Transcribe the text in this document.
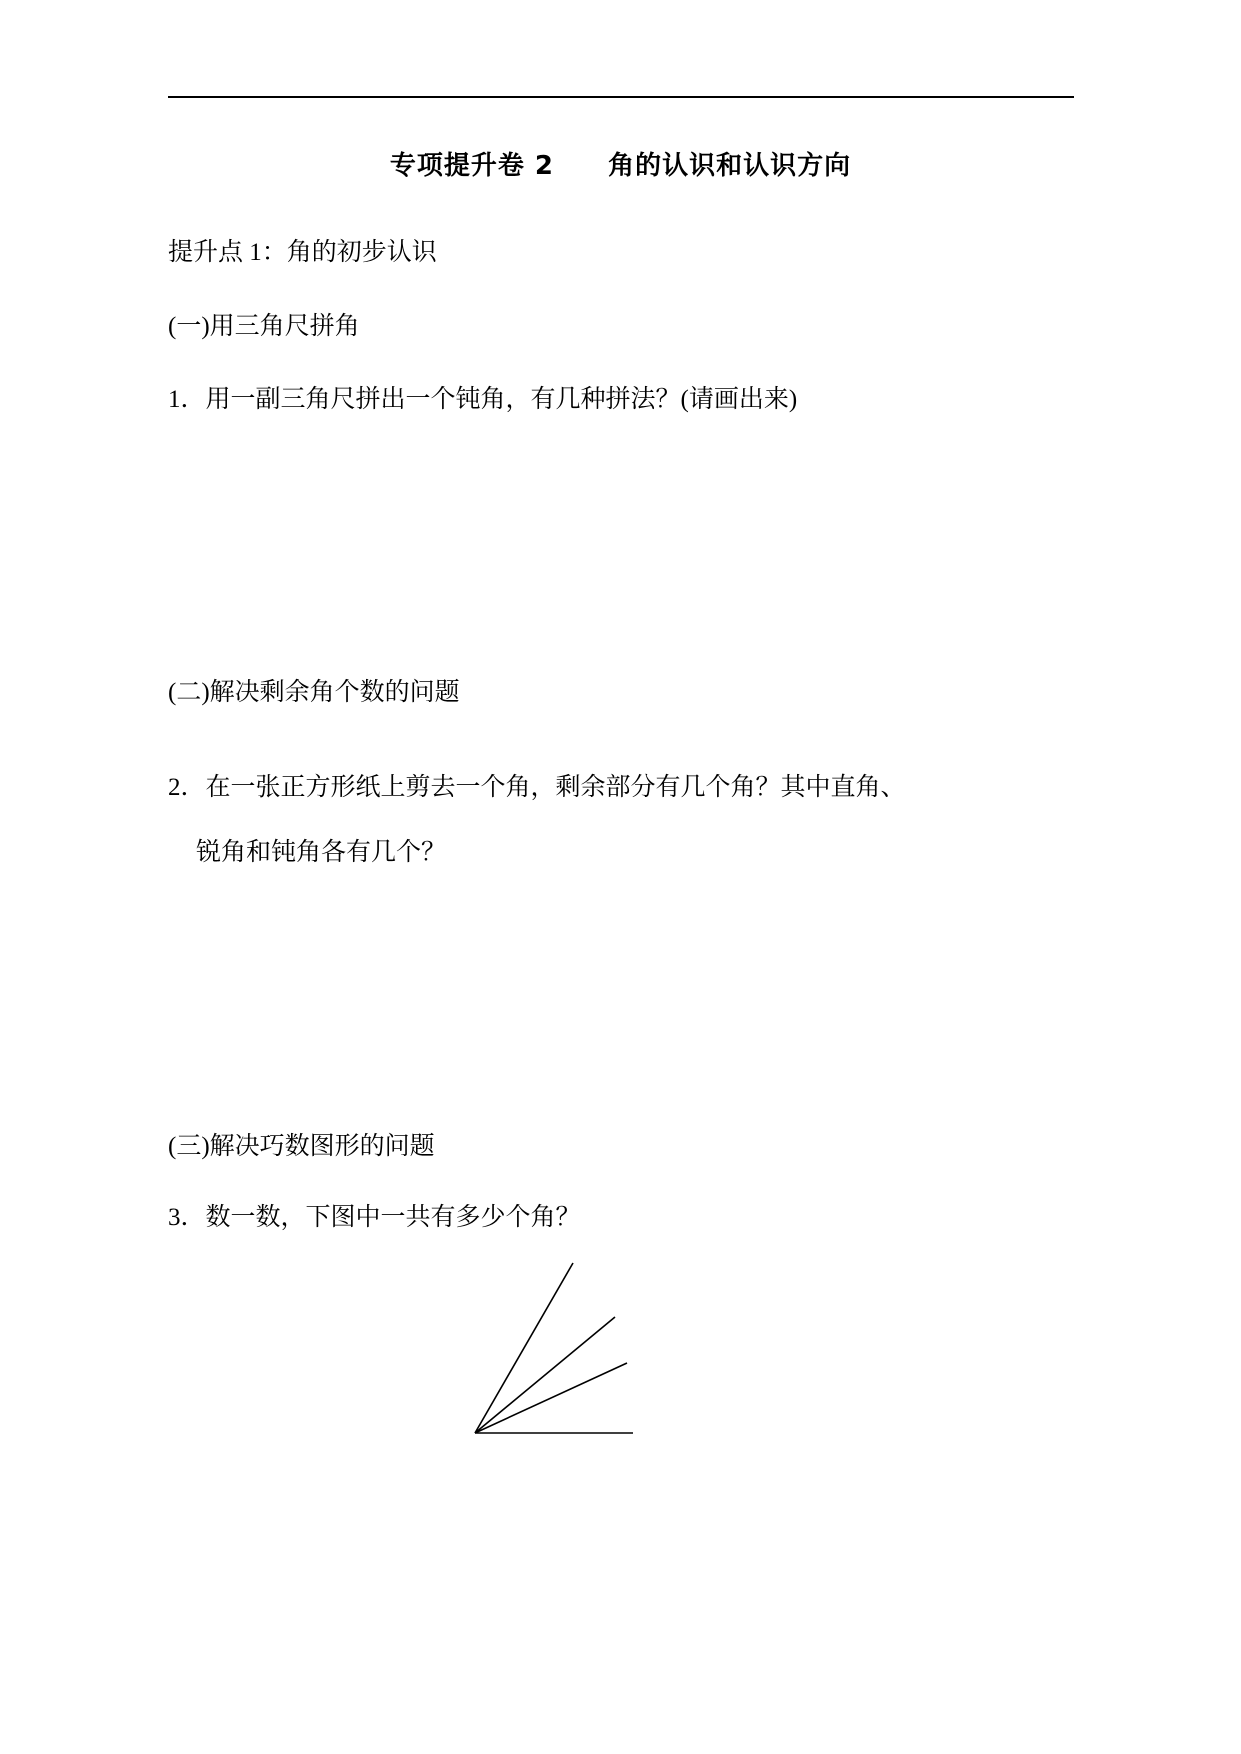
专项提升卷 2 角的认识和认识方向
提升点 1：角的初步认识
(一)用三角尺拼角
1．用一副三角尺拼出一个钝角，有几种拼法？(请画出来)
(二)解决剩余角个数的问题
2．在一张正方形纸上剪去一个角，剩余部分有几个角？其中直角、
锐角和钝角各有几个？
(三)解决巧数图形的问题
3．数一数，下图中一共有多少个角？
